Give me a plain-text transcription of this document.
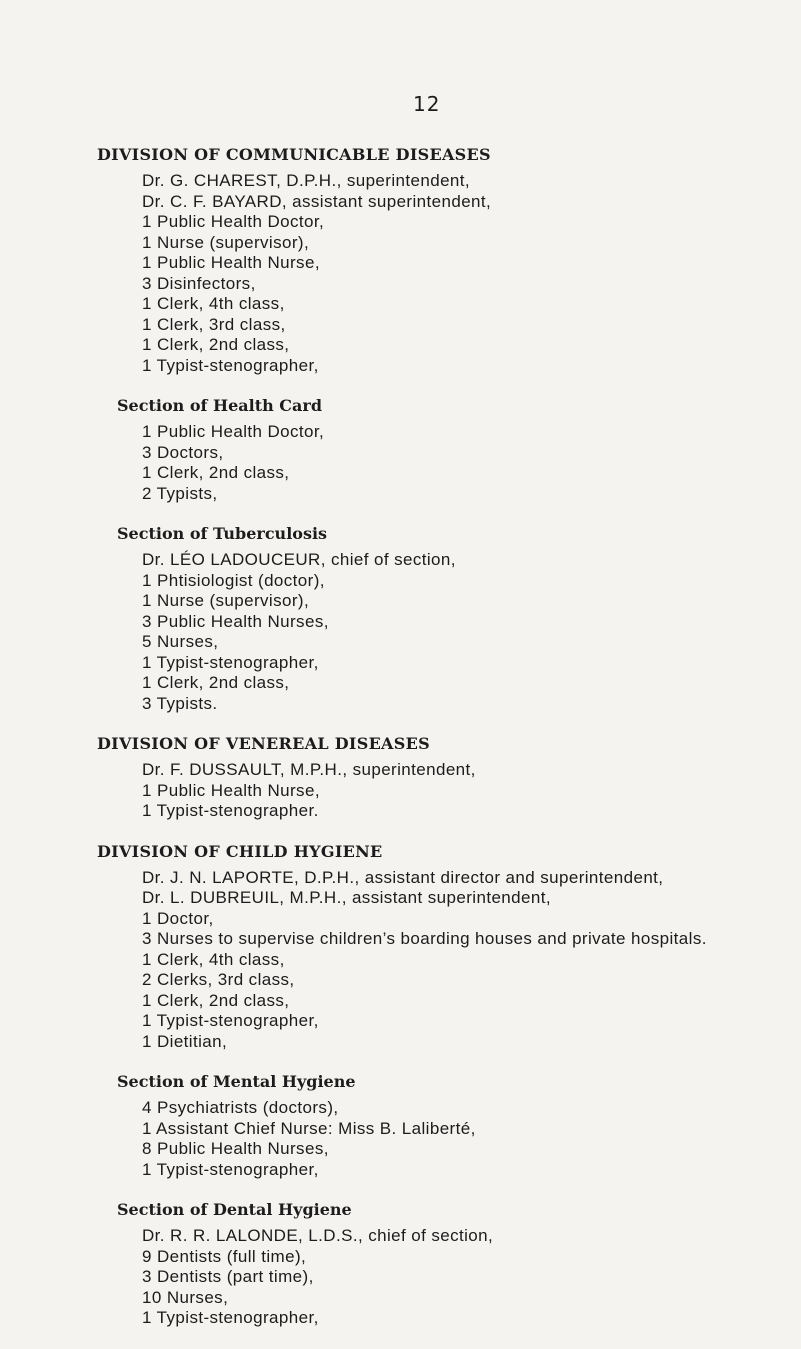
12
DIVISION OF COMMUNICABLE DISEASES
Dr. G. CHAREST, D.P.H., superintendent,
Dr. C. F. BAYARD, assistant superintendent,
1 Public Health Doctor,
1 Nurse (supervisor),
1 Public Health Nurse,
3 Disinfectors,
1 Clerk, 4th class,
1 Clerk, 3rd class,
1 Clerk, 2nd class,
1 Typist-stenographer,
Section of Health Card
1 Public Health Doctor,
3 Doctors,
1 Clerk, 2nd class,
2 Typists,
Section of Tuberculosis
Dr. LÉO LADOUCEUR, chief of section,
1 Phtisiologist (doctor),
1 Nurse (supervisor),
3 Public Health Nurses,
5 Nurses,
1 Typist-stenographer,
1 Clerk, 2nd class,
3 Typists.
DIVISION OF VENEREAL DISEASES
Dr. F. DUSSAULT, M.P.H., superintendent,
1 Public Health Nurse,
1 Typist-stenographer.
DIVISION OF CHILD HYGIENE
Dr. J. N. LAPORTE, D.P.H., assistant director and superintendent,
Dr. L. DUBREUIL, M.P.H., assistant superintendent,
1 Doctor,
3 Nurses to supervise children’s boarding houses and private hospitals.
1 Clerk, 4th class,
2 Clerks, 3rd class,
1 Clerk, 2nd class,
1 Typist-stenographer,
1 Dietitian,
Section of Mental Hygiene
4 Psychiatrists (doctors),
1 Assistant Chief Nurse: Miss B. Laliberté,
8 Public Health Nurses,
1 Typist-stenographer,
Section of Dental Hygiene
Dr. R. R. LALONDE, L.D.S., chief of section,
9 Dentists (full time),
3 Dentists (part time),
10 Nurses,
1 Typist-stenographer,
